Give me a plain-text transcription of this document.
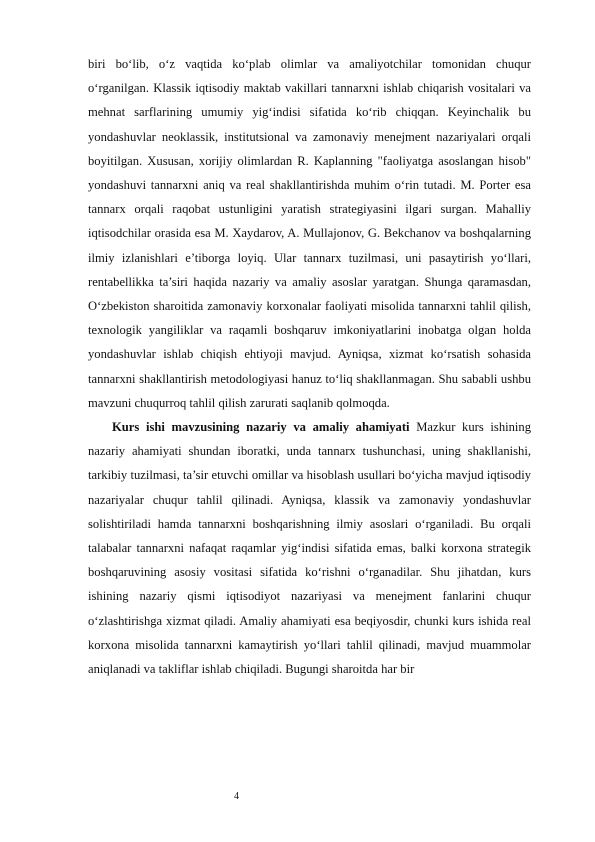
biri bo‘lib, o‘z vaqtida ko‘plab olimlar va amaliyotchilar tomonidan chuqur o‘rganilgan. Klassik iqtisodiy maktab vakillari tannarxni ishlab chiqarish vositalari va mehnat sarflarining umumiy yig‘indisi sifatida ko‘rib chiqqan. Keyinchalik bu yondashuvlar neoklassik, institutsional va zamonaviy menejment nazariyalari orqali boyitilgan. Xususan, xorijiy olimlardan R. Kaplanning "faoliyatga asoslangan hisob" yondashuvi tannarxni aniq va real shakllantirishda muhim o‘rin tutadi. M. Porter esa tannarx orqali raqobat ustunligini yaratish strategiyasini ilgari surgan. Mahalliy iqtisodchilar orasida esa M. Xaydarov, A. Mullajonov, G. Bekchanov va boshqalarning ilmiy izlanishlari e’tiborga loyiq. Ular tannarx tuzilmasi, uni pasaytirish yo‘llari, rentabellikka ta’siri haqida nazariy va amaliy asoslar yaratgan. Shunga qaramasdan, O‘zbekiston sharoitida zamonaviy korxonalar faoliyati misolida tannarxni tahlil qilish, texnologik yangiliklar va raqamli boshqaruv imkoniyatlarini inobatga olgan holda yondashuvlar ishlab chiqish ehtiyoji mavjud. Ayniqsa, xizmat ko‘rsatish sohasida tannarxni shakllantirish metodologiyasi hanuz to‘liq shakllanmagan. Shu sababli ushbu mavzuni chuqurroq tahlil qilish zarurati saqlanib qolmoqda.

Kurs ishi mavzusining nazariy va amaliy ahamiyati Mazkur kurs ishining nazariy ahamiyati shundan iboratki, unda tannarx tushunchasi, uning shakllanishi, tarkibiy tuzilmasi, ta’sir etuvchi omillar va hisoblash usullari bo‘yicha mavjud iqtisodiy nazariyalar chuqur tahlil qilinadi. Ayniqsa, klassik va zamonaviy yondashuvlar solishtiriladi hamda tannarxni boshqarishning ilmiy asoslari o‘rganiladi. Bu orqali talabalar tannarxni nafaqat raqamlar yig‘indisi sifatida emas, balki korxona strategik boshqaruvining asosiy vositasi sifatida ko‘rishni o‘rganadilar. Shu jihatdan, kurs ishining nazariy qismi iqtisodiyot nazariyasi va menejment fanlarini chuqur o‘zlashtirishga xizmat qiladi. Amaliy ahamiyati esa beqiyosdir, chunki kurs ishida real korxona misolida tannarxni kamaytirish yo‘llari tahlil qilinadi, mavjud muammolar aniqlanadi va takliflar ishlab chiqiladi. Bugungi sharoitda har bir

4
